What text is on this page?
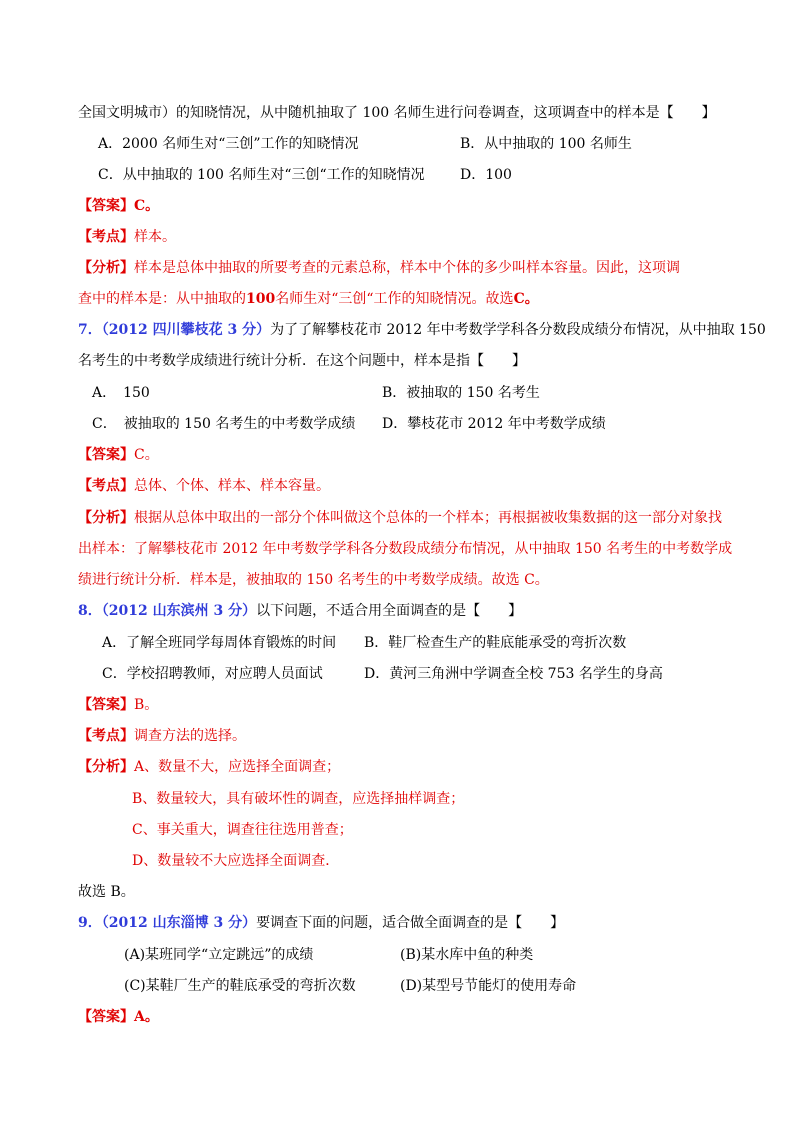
全国文明城市）的知晓情况，从中随机抽取了 100 名师生进行问卷调查，这项调查中的样本是【　　】
A．2000 名师生对“三创”工作的知晓情况	B．从中抽取的 100 名师生
C．从中抽取的 100 名师生对“三创“工作的知晓情况	D．100
【答案】C。
【考点】样本。
【分析】样本是总体中抽取的所要考查的元素总称，样本中个体的多少叫样本容量。因此，这项调
查中的样本是：从中抽取的100名师生对“三创“工作的知晓情况。故选C。
7．（2012 四川攀枝花 3 分）为了了解攀枝花市 2012 年中考数学学科各分数段成绩分布情况，从中抽取 150
名考生的中考数学成绩进行统计分析．在这个问题中，样本是指【　　】
A．　150	B．被抽取的 150 名考生
C．　被抽取的 150 名考生的中考数学成绩 D．攀枝花市 2012 年中考数学成绩
【答案】C。
【考点】总体、个体、样本、样本容量。
【分析】根据从总体中取出的一部分个体叫做这个总体的一个样本；再根据被收集数据的这一部分对象找
出样本：了解攀枝花市 2012 年中考数学学科各分数段成绩分布情况，从中抽取 150 名考生的中考数学成
绩进行统计分析．样本是，被抽取的 150 名考生的中考数学成绩。故选 C。
8．（2012 山东滨州 3 分）以下问题，不适合用全面调查的是【　　】
A．了解全班同学每周体育锻炼的时间 B．鞋厂检查生产的鞋底能承受的弯折次数
C．学校招聘教师，对应聘人员面试	D．黄河三角洲中学调查全校 753 名学生的身高
【答案】B。
【考点】调查方法的选择。
【分析】A、数量不大，应选择全面调查；
B、数量较大，具有破坏性的调查，应选择抽样调查；
C、事关重大，调查往往选用普查；
D、数量较不大应选择全面调查．
故选 B。
9．（2012 山东淄博 3 分）要调查下面的问题，适合做全面调查的是【　　】
(A)某班同学“立定跳远”的成绩	(B)某水库中鱼的种类
(C)某鞋厂生产的鞋底承受的弯折次数	(D)某型号节能灯的使用寿命
【答案】A。
